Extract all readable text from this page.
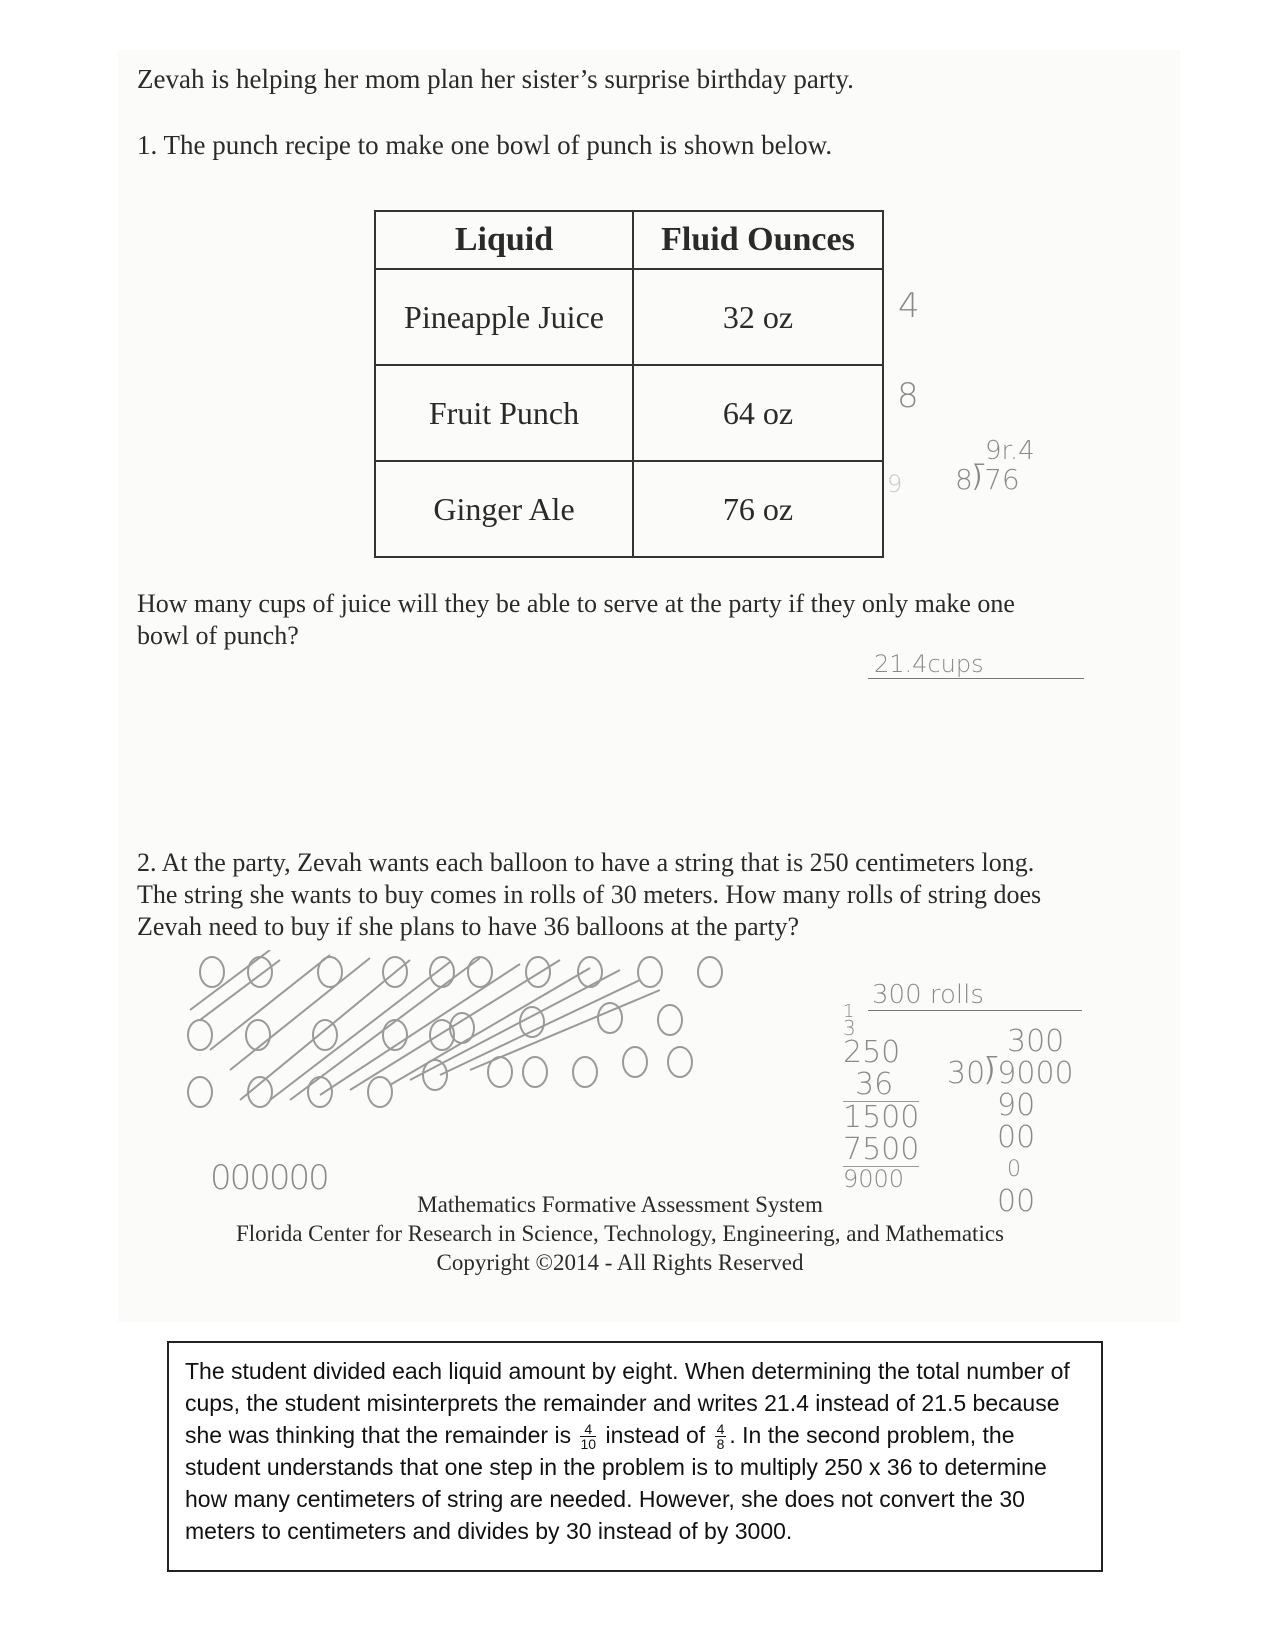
Zevah is helping her mom plan her sister’s surprise birthday party.
1. The punch recipe to make one bowl of punch is shown below.
Liquid	Fluid Ounces
Pineapple Juice	32 oz
Fruit Punch	64 oz
Ginger Ale	76 oz
4
8
9
9r.4
8⟌76
How many cups of juice will they be able to serve at the party if they only make one bowl of punch?
21.4cups
2. At the party, Zevah wants each balloon to have a string that is 250 centimeters long. The string she wants to buy comes in rolls of 30 meters. How many rolls of string does Zevah need to buy if she plans to have 36 balloons at the party?
300 rolls
000000
1
3
250
36
1500
7500
9000
300
30⟌9000
90
00
0
00
Mathematics Formative Assessment System
Florida Center for Research in Science, Technology, Engineering, and Mathematics
Copyright ©2014 - All Rights Reserved
The student divided each liquid amount by eight. When determining the total number of cups, the student misinterprets the remainder and writes 21.4 instead of 21.5 because she was thinking that the remainder is $\frac{4}{10}$ instead of $\frac{4}{8}$ . In the second problem, the student understands that one step in the problem is to multiply 250 x 36 to determine how many centimeters of string are needed. However, she does not convert the 30 meters to centimeters and divides by 30 instead of by 3000.
